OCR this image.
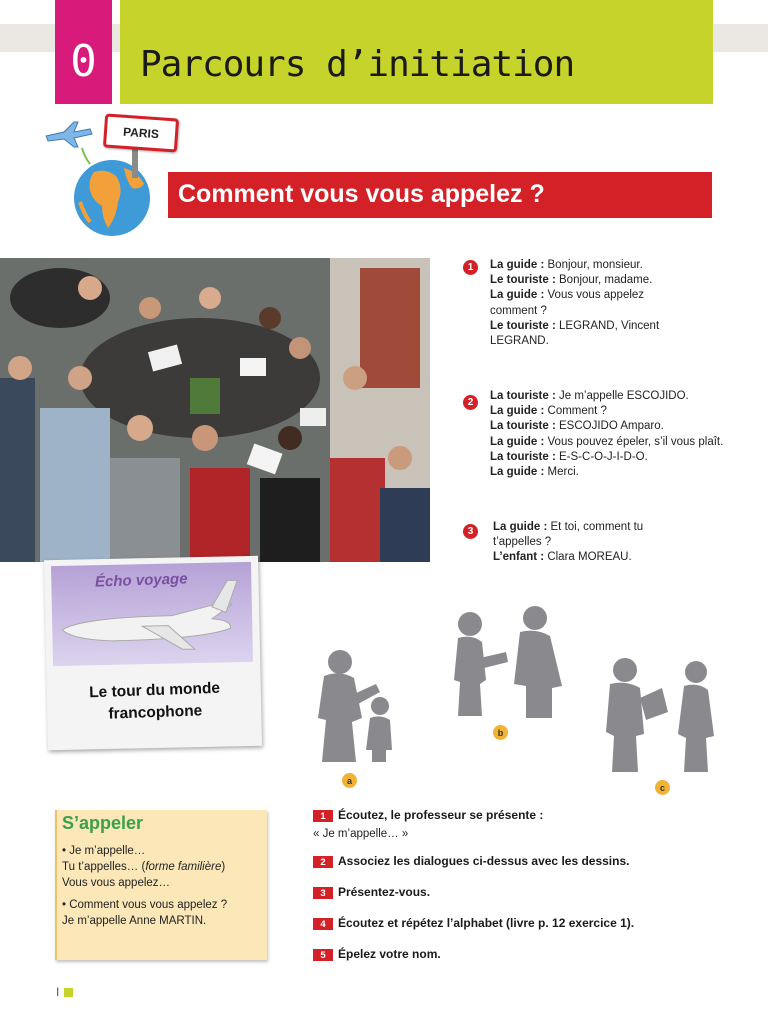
0	Parcours d’initiation
PARIS
Comment vous vous appelez ?
1	La guide : Bonjour, monsieur.
Le touriste : Bonjour, madame.
La guide : Vous vous appelez comment ?
Le touriste : LEGRAND, Vincent LEGRAND.
2
La touriste : Je m’appelle ESCOJIDO.
La guide : Comment ?
La touriste : ESCOJIDO Amparo.
La guide : Vous pouvez épeler, s’il vous plaît.
La touriste : E-S-C-O-J-I-D-O.
La guide : Merci.
3	La guide : Et toi, comment tu t’appelles ?
L’enfant : Clara MOREAU.
Écho voyage
Le tour du monde francophone
a
b
c
S’appeler
• Je m’appelle…
Tu t’appelles… (forme familière)
Vous vous appelez…
• Comment vous vous appelez ?
Je m’appelle Anne MARTIN.
1	Écoutez, le professeur se présente :
« Je m’appelle… »
2	Associez les dialogues ci-dessus avec les dessins.
3	Présentez-vous.
4	Écoutez et répétez l’alphabet (livre p. 12 exercice 1).
5	Épelez votre nom.
I
